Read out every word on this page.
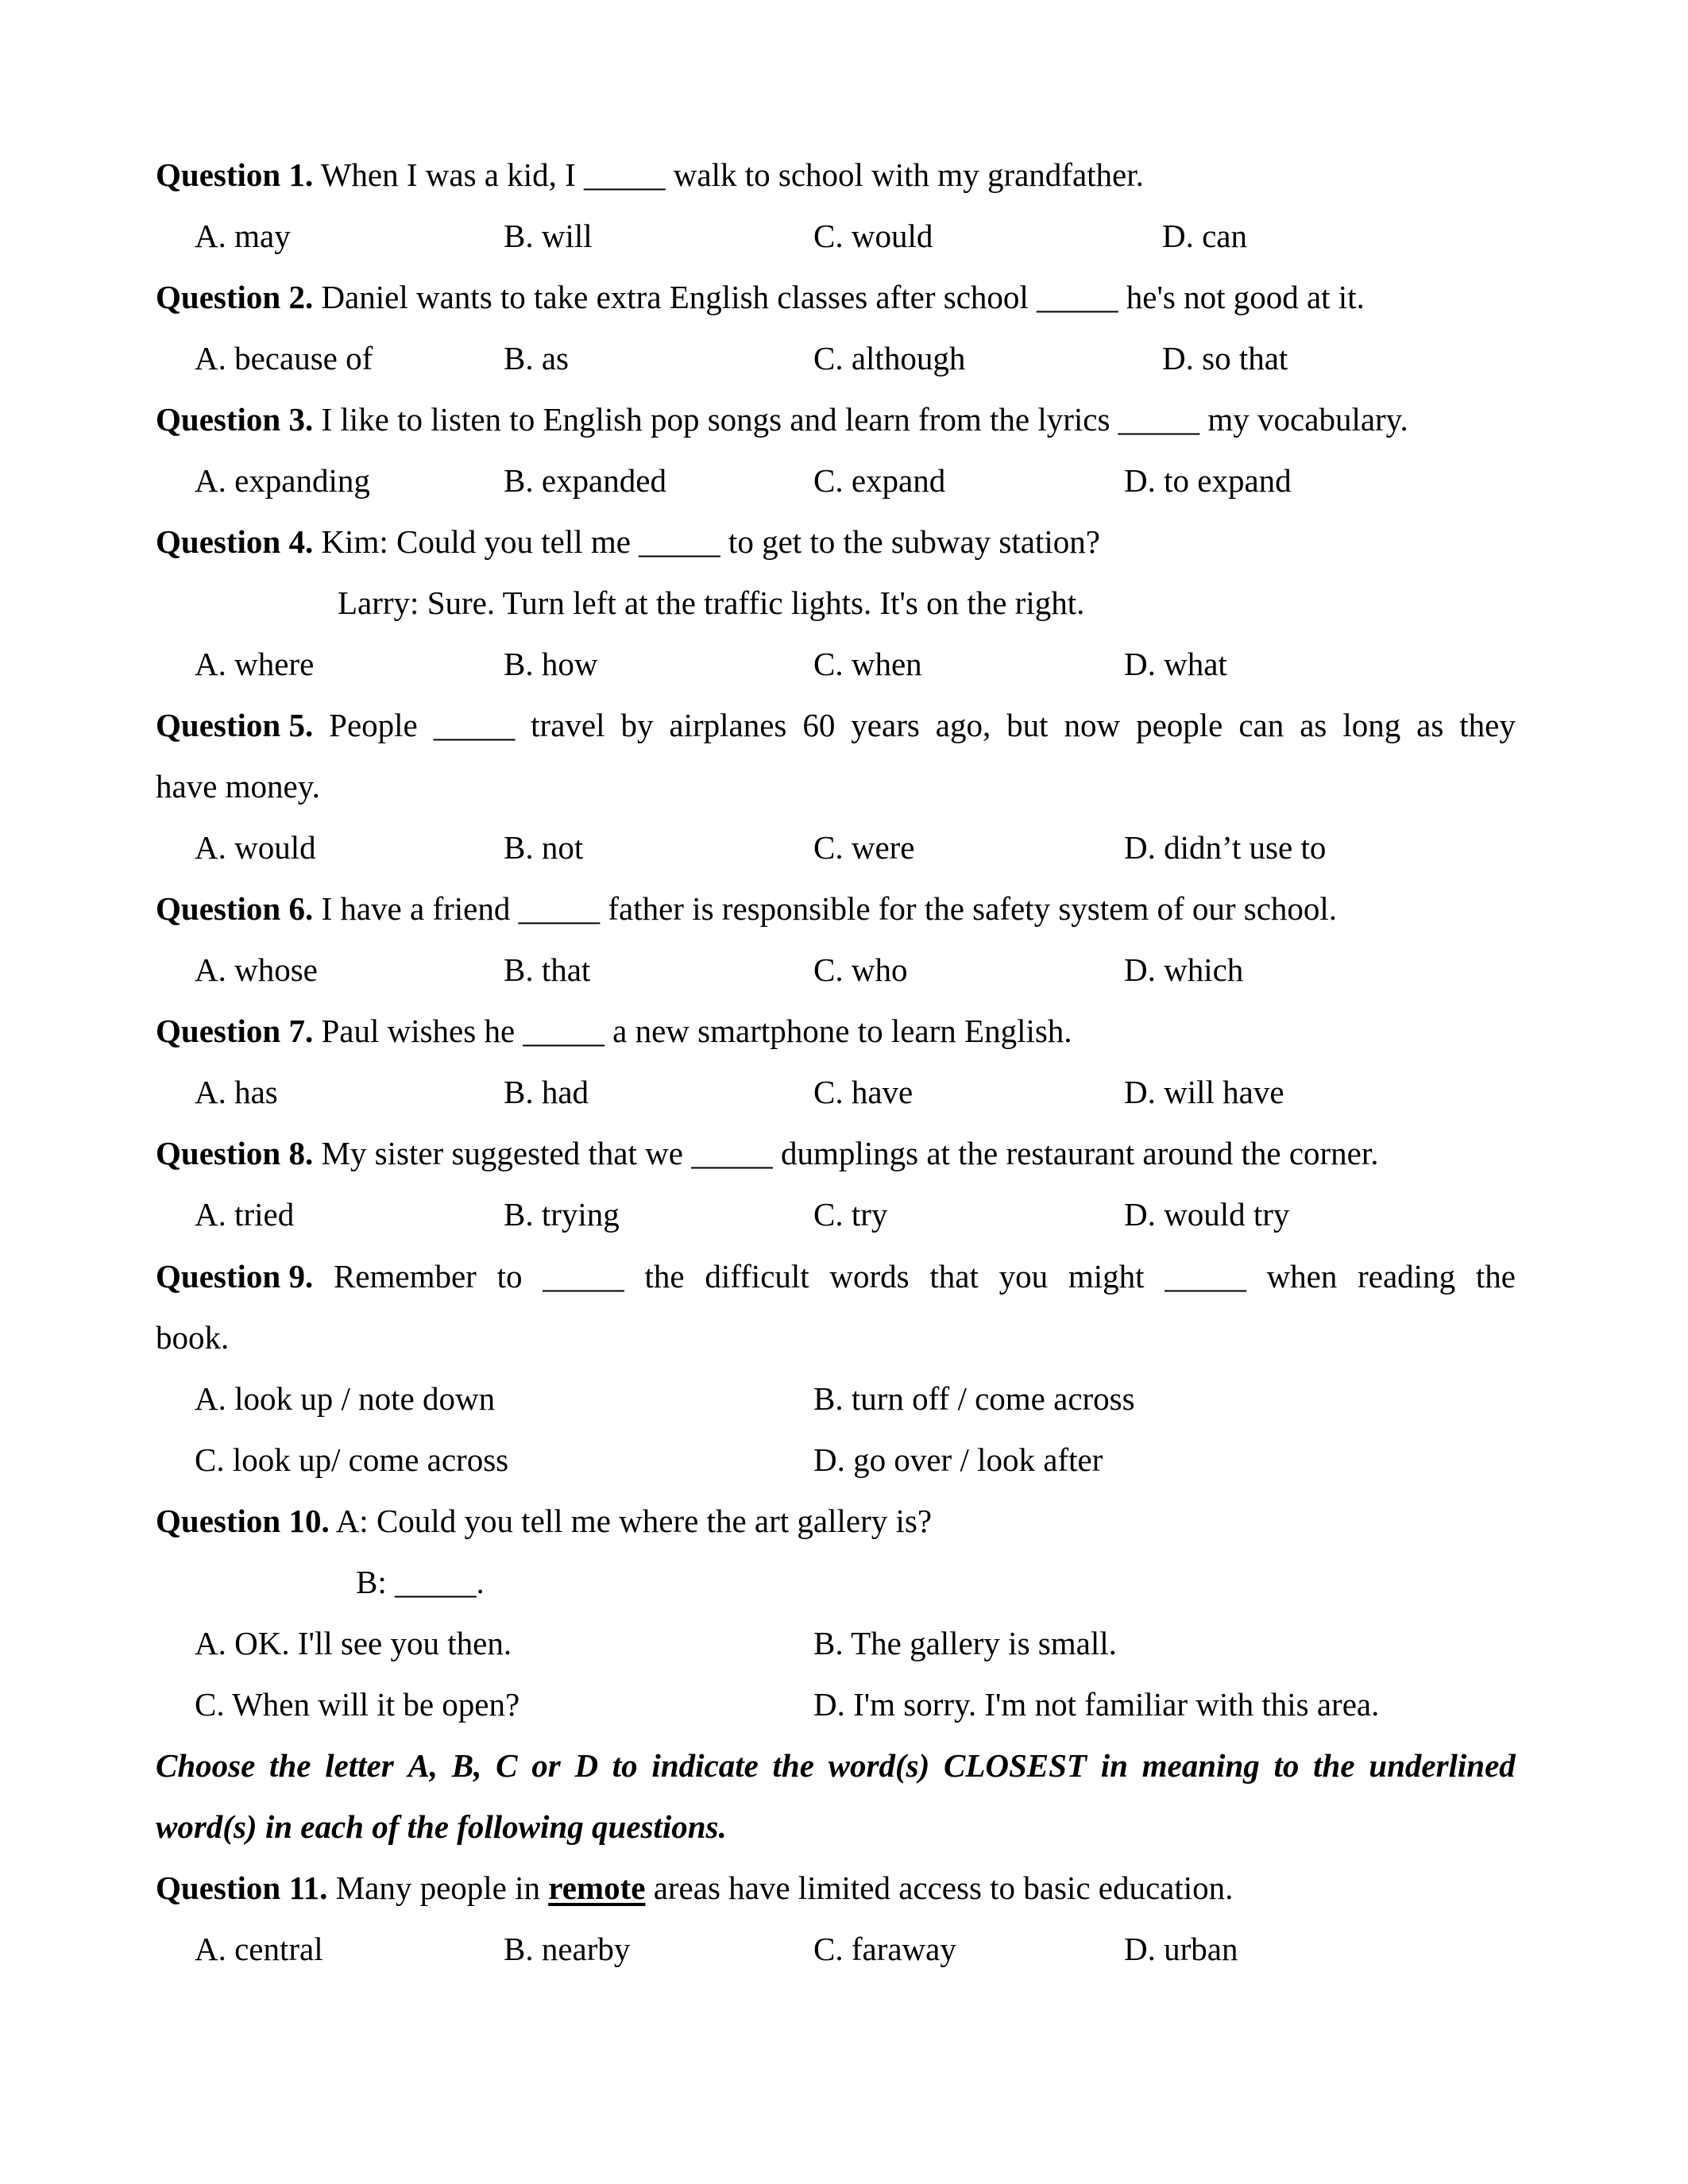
Question 1. When I was a kid, I _____ walk to school with my grandfather.
A. may	B. will	C. would	D. can
Question 2. Daniel wants to take extra English classes after school _____ he's not good at it.
A. because of	B. as	C. although	D. so that
Question 3. I like to listen to English pop songs and learn from the lyrics _____ my vocabulary.
A. expanding	B. expanded	C. expand	D. to expand
Question 4. Kim: Could you tell me _____ to get to the subway station?
Larry: Sure. Turn left at the traffic lights. It's on the right.
A. where	B. how	C. when	D. what
Question 5. People _____ travel by airplanes 60 years ago, but now people can as long as they
have money.
A. would	B. not	C. were	D. didn’t use to
Question 6. I have a friend _____ father is responsible for the safety system of our school.
A. whose	B. that	C. who	D. which
Question 7. Paul wishes he _____ a new smartphone to learn English.
A. has	B. had	C. have	D. will have
Question 8. My sister suggested that we _____ dumplings at the restaurant around the corner.
A. tried	B. trying	C. try	D. would try
Question 9. Remember to _____ the difficult words that you might _____ when reading the
book.
A. look up / note down	B. turn off / come across
C. look up/ come across	D. go over / look after
Question 10. A: Could you tell me where the art gallery is?
B: _____.
A. OK. I'll see you then.	B. The gallery is small.
C. When will it be open?	D. I'm sorry. I'm not familiar with this area.
Choose the letter A, B, C or D to indicate the word(s) CLOSEST in meaning to the underlined
word(s) in each of the following questions.
Question 11. Many people in remote areas have limited access to basic education.
A. central	B. nearby	C. faraway	D. urban
